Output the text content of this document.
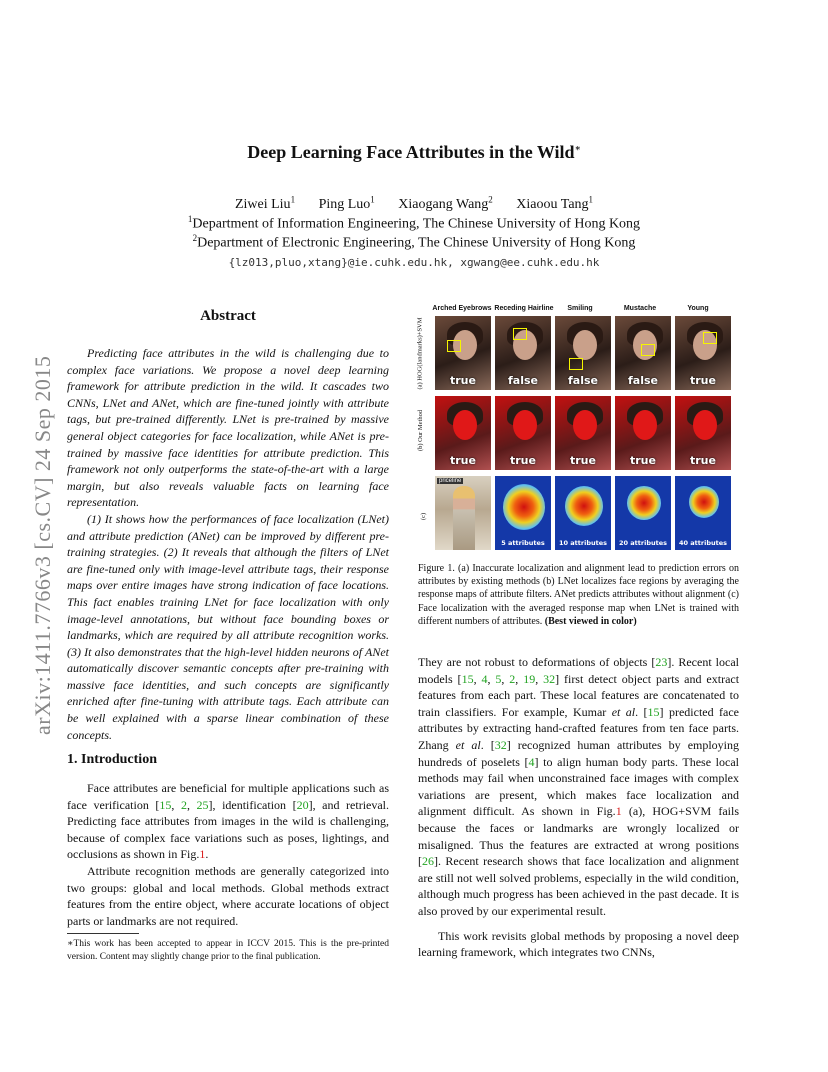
Deep Learning Face Attributes in the Wild∗
Ziwei Liu$^1$ Ping Luo$^1$ Xiaogang Wang$^2$ Xiaoou Tang$^1$
$^1$Department of Information Engineering, The Chinese University of Hong Kong
$^2$Department of Electronic Engineering, The Chinese University of Hong Kong
{lz013,pluo,xtang}@ie.cuhk.edu.hk, xgwang@ee.cuhk.edu.hk
arXiv:1411.7766v3 [cs.CV] 24 Sep 2015
Abstract

Predicting face attributes in the wild is challenging due to complex face variations. We propose a novel deep learning framework for attribute prediction in the wild. It cascades two CNNs, LNet and ANet, which are fine-tuned jointly with attribute tags, but pre-trained differently. LNet is pre-trained by massive general object categories for face localization, while ANet is pre-trained by massive face identities for attribute prediction. This framework not only outperforms the state-of-the-art with a large margin, but also reveals valuable facts on learning face representation.

(1) It shows how the performances of face localization (LNet) and attribute prediction (ANet) can be improved by different pre-training strategies. (2) It reveals that although the filters of LNet are fine-tuned only with image-level attribute tags, their response maps over entire images have strong indication of face locations. This fact enables training LNet for face localization with only image-level annotations, but without face bounding boxes or landmarks, which are required by all attribute recognition works. (3) It also demonstrates that the high-level hidden neurons of ANet automatically discover semantic concepts after pre-training with massive face identities, and such concepts are significantly enriched after fine-tuning with attribute tags. Each attribute can be well explained with a sparse linear combination of these concepts.

1. Introduction

Face attributes are beneficial for multiple applications such as face verification [15, 2, 25], identification [20], and retrieval. Predicting face attributes from images in the wild is challenging, because of complex face variations such as poses, lightings, and occlusions as shown in Fig.1.

Attribute recognition methods are generally categorized into two groups: global and local methods. Global methods extract features from the entire object, where accurate locations of object parts or landmarks are not required.

∗This work has been accepted to appear in ICCV 2015. This is the pre-printed version. Content may slightly change prior to the final publication.
Arched Eyebrows Receding Hairline	Smiling	Mustache	Young
(a) HOG(landmarks)+SVM
(b) Our Method
(c)
true	false	false	false	true
true	true	true	true	true
priceline
5 attributes	10 attributes	20 attributes	40 attributes
Figure 1. (a) Inaccurate localization and alignment lead to prediction errors on attributes by existing methods (b) LNet localizes face regions by averaging the response maps of attribute filters. ANet predicts attributes without alignment (c) Face localization with the averaged response map when LNet is trained with different numbers of attributes. (Best viewed in color)

They are not robust to deformations of objects [23]. Recent local models [15, 4, 5, 2, 19, 32] first detect object parts and extract features from each part. These local features are concatenated to train classifiers. For example, Kumar et al. [15] predicted face attributes by extracting hand-crafted features from ten face parts. Zhang et al. [32] recognized human attributes by employing hundreds of poselets [4] to align human body parts. These local methods may fail when unconstrained face images with complex variations are present, which makes face localization and alignment difficult. As shown in Fig.1 (a), HOG+SVM fails because the faces or landmarks are wrongly localized or misaligned. Thus the features are extracted at wrong positions [26]. Recent research shows that face localization and alignment are still not well solved problems, especially in the wild condition, although much progress has been achieved in the past decade. It is also proved by our experimental result.

This work revisits global methods by proposing a novel deep learning framework, which integrates two CNNs,
